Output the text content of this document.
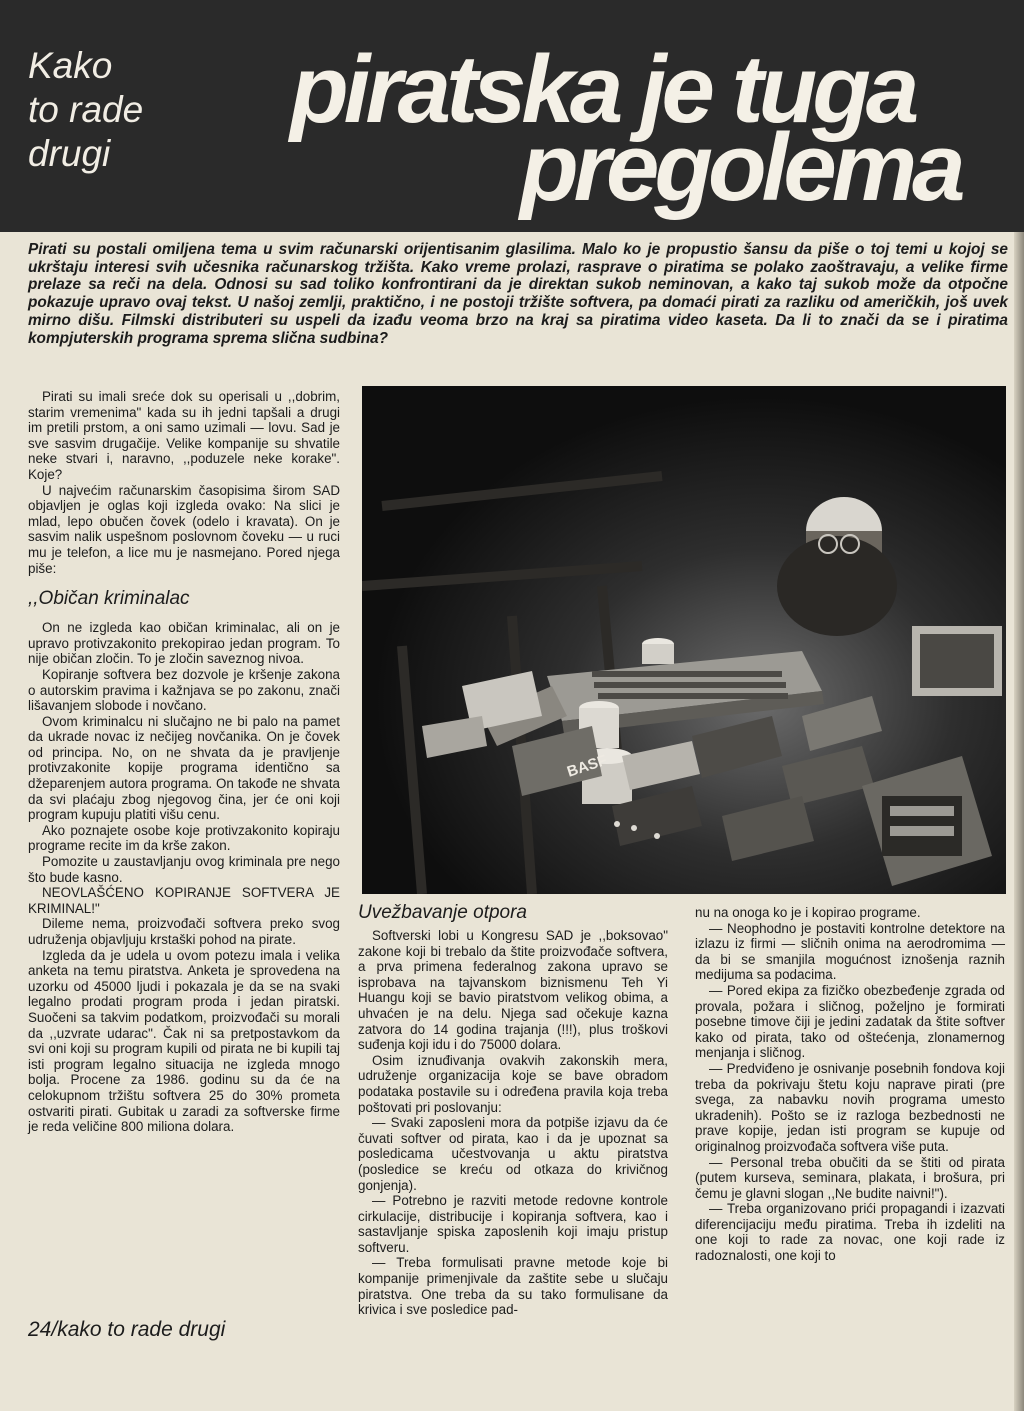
Kako
to rade
drugi
piratska je tuga
pregolema
Pirati su postali omiljena tema u svim računarski orijentisanim glasilima. Malo ko je propustio šansu da piše o toj temi u kojoj se ukrštaju interesi svih učesnika računarskog tržišta. Kako vreme prolazi, rasprave o piratima se polako zaoštravaju, a velike firme prelaze sa reči na dela. Odnosi su sad toliko konfrontirani da je direktan sukob neminovan, a kako taj sukob može da otpočne pokazuje upravo ovaj tekst. U našoj zemlji, praktično, i ne postoji tržište softvera, pa domaći pirati za razliku od američkih, još uvek mirno dišu. Filmski distributeri su uspeli da izađu veoma brzo na kraj sa piratima video kaseta. Da li to znači da se i piratima kompjuterskih programa sprema slična sudbina?

Pirati su imali sreće dok su operisali u ,,dobrim, starim vremenima" kada su ih jedni tapšali a drugi im pretili prstom, a oni samo uzimali — lovu. Sad je sve sasvim drugačije. Velike kompanije su shvatile neke stvari i, naravno, ,,poduzele neke korake". Koje?

U najvećim računarskim časopisima širom SAD objavljen je oglas koji izgleda ovako: Na slici je mlad, lepo obučen čovek (odelo i kravata). On je sasvim nalik uspešnom poslovnom čoveku — u ruci mu je telefon, a lice mu je nasmejano. Pored njega piše:

,,Običan kriminalac

On ne izgleda kao običan kriminalac, ali on je upravo protivzakonito prekopirao jedan program. To nije običan zločin. To je zločin saveznog nivoa.

Kopiranje softvera bez dozvole je kršenje zakona o autorskim pravima i kažnjava se po zakonu, znači lišavanjem slobode i novčano.

Ovom kriminalcu ni slučajno ne bi palo na pamet da ukrade novac iz nečijeg novčanika. On je čovek od principa. No, on ne shvata da je pravljenje protivzakonite kopije programa identično sa džeparenjem autora programa. On takođe ne shvata da svi plaćaju zbog njegovog čina, jer će oni koji program kupuju platiti višu cenu.

Ako poznajete osobe koje protivzakonito kopiraju programe recite im da krše zakon.

Pomozite u zaustavljanju ovog kriminala pre nego što bude kasno.

NEOVLAŠĆENO KOPIRANJE SOFTVERA JE KRIMINAL!"

Dileme nema, proizvođači softvera preko svog udruženja objavljuju krstaški pohod na pirate.

Izgleda da je udela u ovom potezu imala i velika anketa na temu piratstva. Anketa je sprovedena na uzorku od 45000 ljudi i pokazala je da se na svaki legalno prodati program proda i jedan piratski. Suočeni sa takvim podatkom, proizvođači su morali da ,,uzvrate udarac". Čak ni sa pretpostavkom da svi oni koji su program kupili od pirata ne bi kupili taj isti program legalno situacija ne izgleda mnogo bolja. Procene za 1986. godinu su da će na celokupnom tržištu softvera 25 do 30% prometa ostvariti pirati. Gubitak u zaradi za softverske firme je reda veličine 800 miliona dolara.

BASF
Uvežbavanje otpora

Softverski lobi u Kongresu SAD je ,,boksovao" zakone koji bi trebalo da štite proizvođače softvera, a prva primena federalnog zakona upravo se isprobava na tajvanskom biznismenu Teh Yi Huangu koji se bavio piratstvom velikog obima, a uhvaćen je na delu. Njega sad očekuje kazna zatvora do 14 godina trajanja (!!!), plus troškovi suđenja koji idu i do 75000 dolara.

Osim iznuđivanja ovakvih zakonskih mera, udruženje organizacija koje se bave obradom podataka postavile su i određena pravila koja treba poštovati pri poslovanju:

— Svaki zaposleni mora da potpiše izjavu da će čuvati softver od pirata, kao i da je upoznat sa posledicama učestvovanja u aktu piratstva (posledice se kreću od otkaza do krivičnog gonjenja).

— Potrebno je razviti metode redovne kontrole cirkulacije, distribucije i kopiranja softvera, kao i sastavljanje spiska zaposlenih koji imaju pristup softveru.

— Treba formulisati pravne metode koje bi kompanije primenjivale da zaštite sebe u slučaju piratstva. One treba da su tako formulisane da krivica i sve posledice pad-

nu na onoga ko je i kopirao programe.

— Neophodno je postaviti kontrolne detektore na izlazu iz firmi — sličnih onima na aerodromima — da bi se smanjila mogućnost iznošenja raznih medijuma sa podacima.

— Pored ekipa za fizičko obezbeđenje zgrada od provala, požara i sličnog, poželjno je formirati posebne timove čiji je jedini zadatak da štite softver kako od pirata, tako od oštećenja, zlonamernog menjanja i sličnog.

— Predviđeno je osnivanje posebnih fondova koji treba da pokrivaju štetu koju naprave pirati (pre svega, za nabavku novih programa umesto ukradenih). Pošto se iz razloga bezbednosti ne prave kopije, jedan isti program se kupuje od originalnog proizvođača softvera više puta.

— Personal treba obučiti da se štiti od pirata (putem kurseva, seminara, plakata, i brošura, pri čemu je glavni slogan ,,Ne budite naivni!").

— Treba organizovano prići propagandi i izazvati diferencijaciju među piratima. Treba ih izdeliti na one koji to rade za novac, one koji rade iz radoznalosti, one koji to

24/kako to rade drugi
